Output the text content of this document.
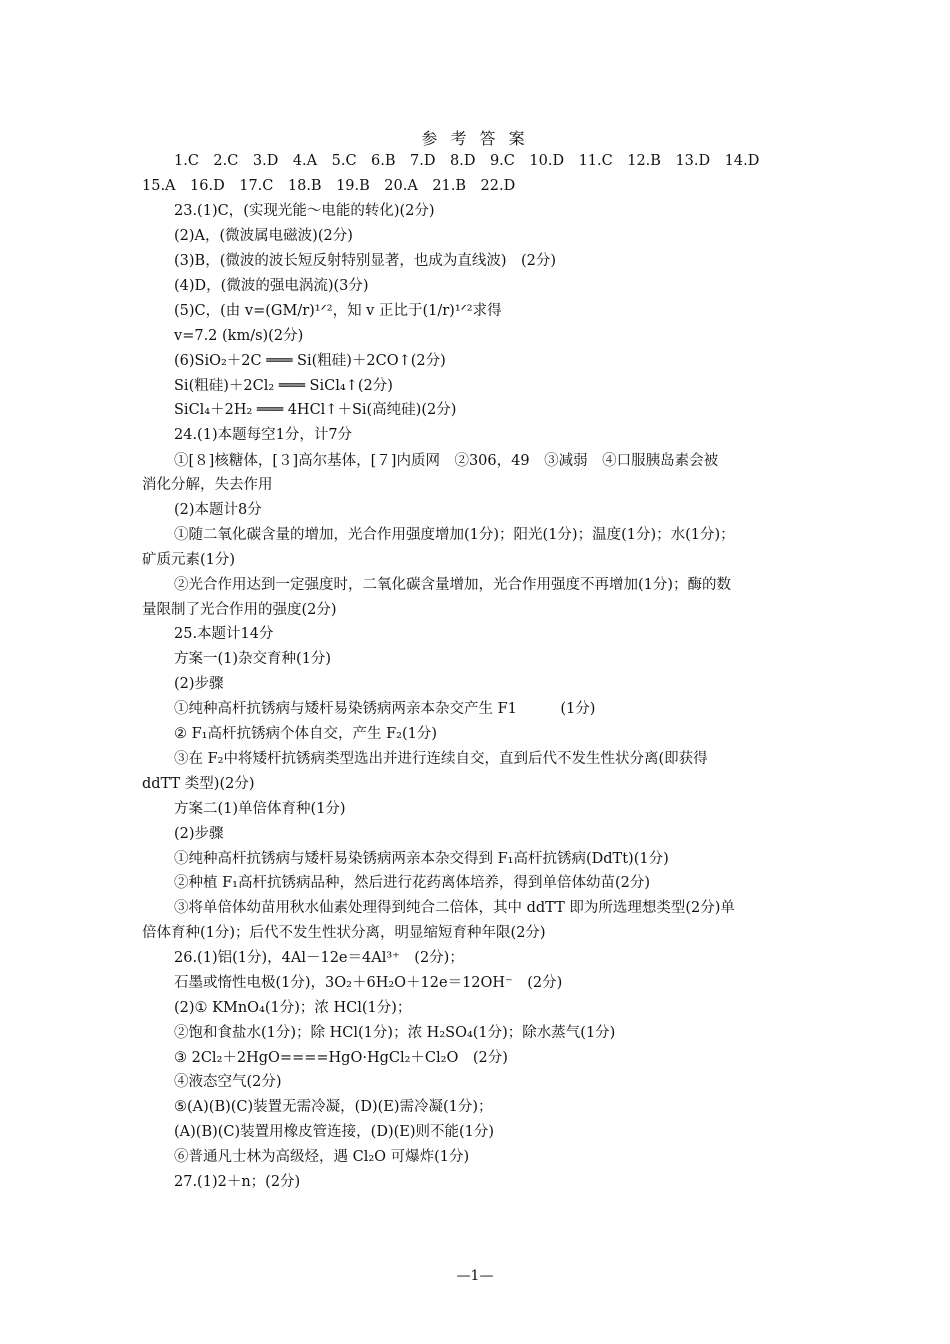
参 考 答 案
1.C　2.C　3.D　4.A　5.C　6.B　7.D　8.D　9.C　10.D　11.C　12.B　13.D　14.D
15.A　16.D　17.C　18.B　19.B　20.A　21.B　22.D
23.(1)C，(实现光能～电能的转化)(2分)
(2)A，(微波属电磁波)(2分)
(3)B，(微波的波长短反射特别显著，也成为直线波)　(2分)
(4)D，(微波的强电涡流)(3分)
(5)C，(由 v=(GM/r)¹ᐟ²，知 v 正比于(1/r)¹ᐟ²求得
v=7.2 (km/s)(2分)
(6)SiO₂＋2C ═══ Si(粗硅)＋2CO↑(2分)
Si(粗硅)＋2Cl₂ ═══ SiCl₄↑(2分)
SiCl₄＋2H₂ ═══ 4HCl↑＋Si(高纯硅)(2分)
24.(1)本题每空1分，计7分
①[８]核糖体，[３]高尔基体，[７]内质网　②306，49　③减弱　④口服胰岛素会被
消化分解，失去作用
(2)本题计8分
①随二氧化碳含量的增加，光合作用强度增加(1分)；阳光(1分)；温度(1分)；水(1分)；
矿质元素(1分)
②光合作用达到一定强度时，二氧化碳含量增加，光合作用强度不再增加(1分)；酶的数
量限制了光合作用的强度(2分)
25.本题计14分
方案一(1)杂交育种(1分)
(2)步骤
①纯种高杆抗锈病与矮杆易染锈病两亲本杂交产生 F1　　　(1分)
② F₁高杆抗锈病个体自交，产生 F₂(1分)
③在 F₂中将矮杆抗锈病类型选出并进行连续自交，直到后代不发生性状分离(即获得
ddTT 类型)(2分)
方案二(1)单倍体育种(1分)
(2)步骤
①纯种高杆抗锈病与矮杆易染锈病两亲本杂交得到 F₁高杆抗锈病(DdTt)(1分)
②种植 F₁高杆抗锈病品种，然后进行花药离体培养，得到单倍体幼苗(2分)
③将单倍体幼苗用秋水仙素处理得到纯合二倍体，其中 ddTT 即为所选理想类型(2分)单
倍体育种(1分)；后代不发生性状分离，明显缩短育种年限(2分)
26.(1)铝(1分)，4Al－12e＝4Al³⁺　(2分)；
石墨或惰性电极(1分)，3O₂＋6H₂O＋12e＝12OH⁻　(2分)
(2)① KMnO₄(1分)；浓 HCl(1分)；
②饱和食盐水(1分)；除 HCl(1分)；浓 H₂SO₄(1分)；除水蒸气(1分)
③ 2Cl₂＋2HgO====HgO·HgCl₂＋Cl₂O　(2分)
④液态空气(2分)
⑤(A)(B)(C)装置无需冷凝，(D)(E)需冷凝(1分)；
(A)(B)(C)装置用橡皮管连接，(D)(E)则不能(1分)
⑥普通凡士林为高级烃，遇 Cl₂O 可爆炸(1分)
27.(1)2＋n；(2分)
—1—
